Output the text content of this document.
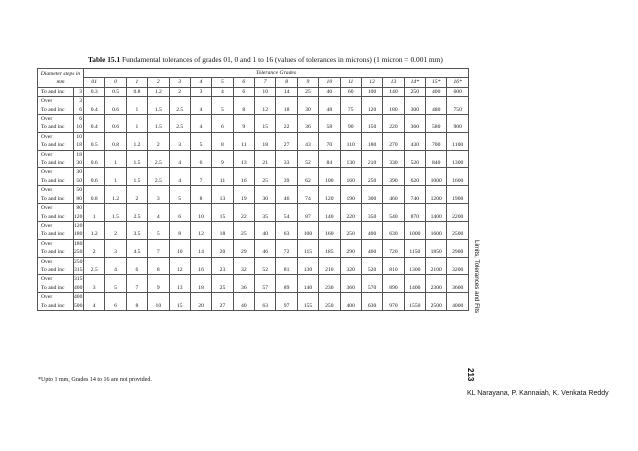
Table 15.1 Fundamental tolerances of grades 01, 0 and 1 to 16 (values of tolerances in microns) (1 micron = 0.001 mm)
Diameter steps in mm		Tolerance Grades																	
		01	0	1	2	3	4	5	6	7	8	9	10	11	12	13	14*	15*	16*
		0.3	0.5	0.8	1.2	2	3	4	6	10	14	25	40	60	100	140	250	400	600
To and inc	3																		
Over	3	0.4	0.6	1	1.5	2.5	4	5	8	12	18	30	48	75	120	180	300	480	750
To and inc	6																		
Over	6	0.4	0.6	1	1.5	2.5	4	6	9	15	22	36	58	90	150	220	360	580	900
To and inc	10																		
Over	10	0.5	0.8	1.2	2	3	5	8	11	18	27	43	70	110	180	270	430	700	1100
To and inc	18																		
Over	18	0.6	1	1.5	2.5	4	6	9	13	21	33	52	84	130	210	330	520	840	1300
To and inc	30																		
Over	30	0.6	1	1.5	2.5	4	7	11	16	25	39	62	100	160	250	390	620	1000	1600
To and inc	50																		
Over	50	0.8	1.2	2	3	5	8	13	19	30	46	74	120	190	300	460	740	1200	1900
To and inc	80																		
Over	80	1	1.5	2.5	4	6	10	15	22	35	54	87	140	220	350	540	870	1400	2200
To and inc	120																		
Over	120	1.2	2	3.5	5	8	12	18	25	40	63	100	160	250	400	630	1000	1600	2500
To and inc	180																		
Over	180	2	3	4.5	7	10	14	20	29	46	72	115	185	290	460	720	1150	1850	2900
To and inc	250																		
Over	250	2.5	4	6	8	12	16	23	32	52	81	130	210	320	520	810	1300	2100	3200
To and inc	315																		
Over	315	3	5	7	9	13	18	25	36	57	89	140	230	360	570	890	1400	2300	3600
To and inc	400																		
Over	400	4	6	8	10	15	20	27	40	63	97	155	250	400	630	970	1550	2500	4000
To and inc	500																		
*Upto 1 mm, Grades 14 to 16 are not provided.
Limits, Tolerances and Fits
213
KL Narayana, P. Kannaiah, K. Venkata Reddy
